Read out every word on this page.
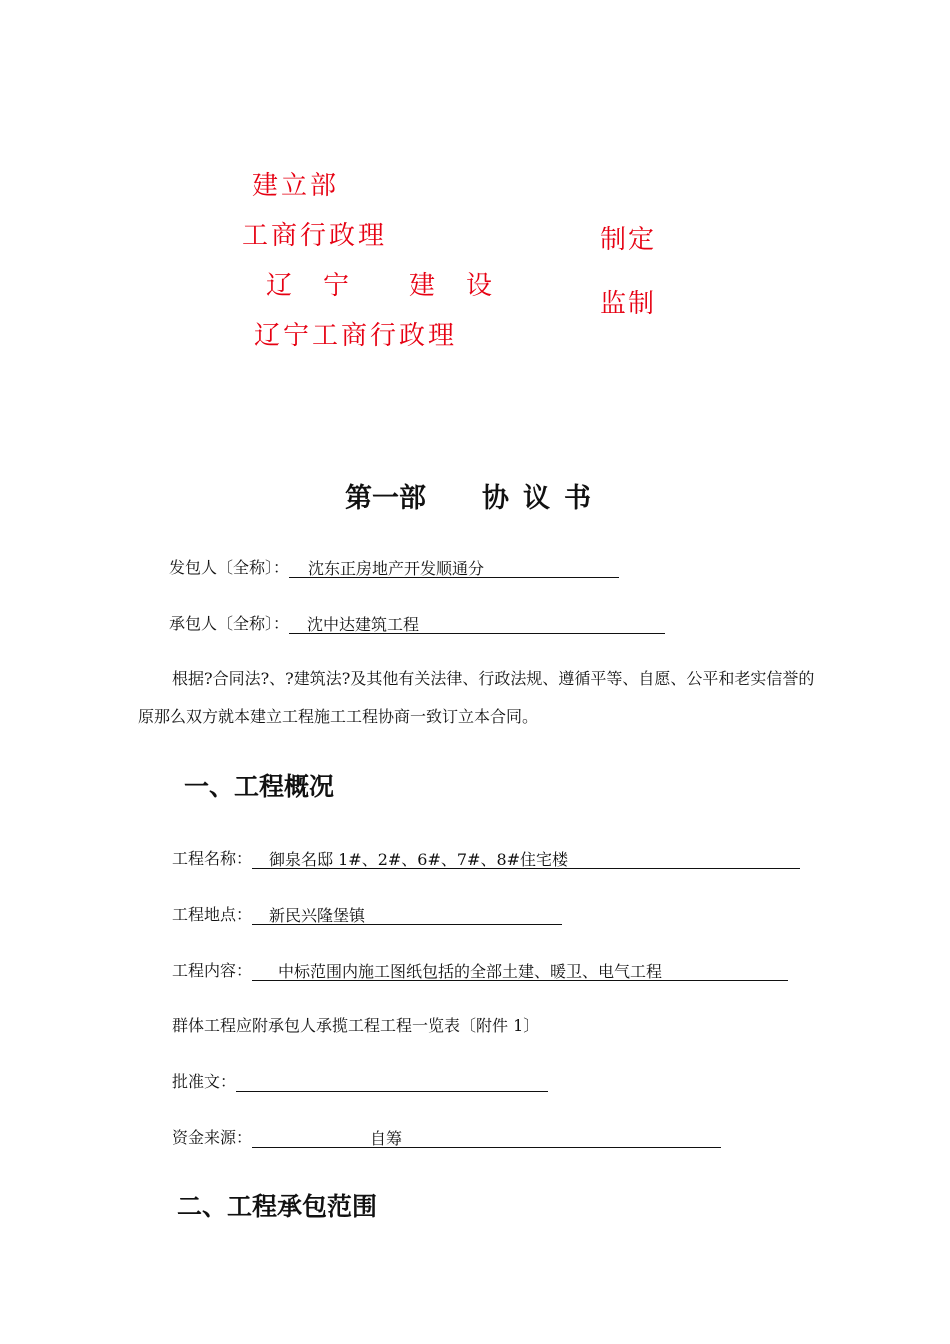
建立部
工商行政理
辽 宁 建 设
辽宁工商行政理
制定
监制
第一部 协议书
发包人〔全称〕： 沈东正房地产开发顺通分
承包人〔全称〕： 沈中达建筑工程
根据?合同法?、?建筑法?及其他有关法律、行政法规、遵循平等、自愿、公平和老实信誉的原那么双方就本建立工程施工工程协商一致订立本合同。
一、工程概况
工程名称： 御泉名邸 1#、2#、6#、7#、8#住宅楼
工程地点： 新民兴隆堡镇
工程内容： 中标范围内施工图纸包括的全部土建、暖卫、电气工程
群体工程应附承包人承揽工程工程一览表〔附件 1〕
批准文：
资金来源：	自筹
二、工程承包范围
